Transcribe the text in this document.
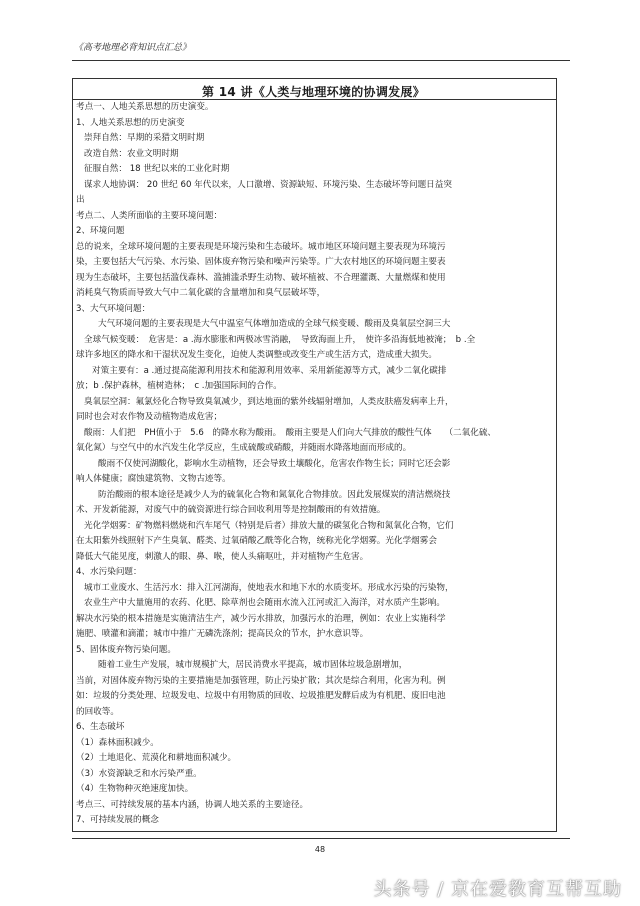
《高考地理必背知识点汇总》
第 14 讲《人类与地理环境的协调发展》

考点一、人地关系思想的历史演变。

1、人地关系思想的历史演变

崇拜自然：早期的采猎文明时期

改造自然：农业文明时期

征服自然： 18 世纪以来的工业化时期

谋求人地协调： 20 世纪 60 年代以来，人口激增、资源缺短、环境污染、生态破坏等问题日益突

出

考点二、人类所面临的主要环境问题：

2、环境问题

总的说来，全球环境问题的主要表现是环境污染和生态破坏。城市地区环境问题主要表现为环境污

染，主要包括大气污染、水污染、固体废弃物污染和噪声污染等。广大农村地区的环境问题主要表

现为生态破坏，主要包括滥伐森林、滥捕滥杀野生动物、破坏植被、不合理灌溉、大量燃煤和使用

消耗臭气物质而导致大气中二氧化碳的含量增加和臭气层破坏等，

3、大气环境问题：

大气环境问题的主要表现是大气中温室气体增加造成的全球气候变暖、酸雨及臭氧层空洞三大

全球气候变暖：　危害是：a .海水膨胀和两极冰雪消融，　导致海面上升，　使许多沿海低地被淹；　b .全

球许多地区的降水和干湿状况发生变化，迫使人类调整或改变生产或生活方式，造成重大损失。

对策主要有：a .通过提高能源利用技术和能源利用效率、采用新能源等方式，减少二氧化碳排

放；b .保护森林，植树造林；　c .加强国际间的合作。

臭氧层空洞：氟氯烃化合物导致臭氧减少，到达地面的紫外线辐射增加，人类皮肤癌发病率上升，

同时也会对农作物及动植物造成危害；

酸雨：人们把　PH值小于　5.6　的降水称为酸雨。　酸雨主要是人们向大气排放的酸性气体　　（二氧化硫、

氧化氮）与空气中的水汽发生化学反应，生成硫酸或硝酸，并随雨水降落地面而形成的。

酸雨不仅使河湖酸化，影响水生动植物，还会导致土壤酸化，危害农作物生长；同时它还会影

响人体健康；腐蚀建筑物、文物古迹等。

防治酸雨的根本途径是减少人为的硫氧化合物和氮氧化合物排放。因此发展煤炭的清洁燃烧技

术、开发新能源，对废气中的硫资源进行综合回收利用等是控制酸雨的有效措施。

光化学烟雾：矿物燃料燃烧和汽车尾气（特别是后者）排放大量的碳氢化合物和氮氧化合物，它们

在太阳紫外线照射下产生臭氧、醛类、过氧硝酸乙酰等化合物，统称光化学烟雾。光化学烟雾会

降低大气能见度，刺激人的眼、鼻、喉，使人头痛呕吐，并对植物产生危害。

4、水污染问题：

城市工业废水、生活污水：排入江河湖海，使地表水和地下水的水质变坏。形成水污染的污染物，

农业生产中大量施用的农药、化肥、除草剂也会随雨水流入江河或汇入海洋，对水质产生影响。

解决水污染的根本措施是实施清洁生产，减少污水排放，加强污水的治理，例如：农业上实施科学

施肥、喷灌和滴灌；城市中推广无磷洗涤剂；提高民众的节水，护水意识等。

5、固体废弃物污染问题。

随着工业生产发展，城市规模扩大，居民消费水平提高，城市固体垃圾急剧增加，

当前，对固体废弃物污染的主要措施是加强管理，防止污染扩散；其次是综合利用，化害为利。例

如：垃圾的分类处理、垃圾发电、垃圾中有用物质的回收、垃圾推肥发酵后成为有机肥、废旧电池

的回收等。

6、生态破坏

（1）森林面积减少。

（2）土地退化、荒漠化和耕地面积减少。

（3）水资源缺乏和水污染严重。

（4）生物物种灭绝速度加快。

考点三、可持续发展的基本内涵，协调人地关系的主要途径。

7、可持续发展的概念

48
头条号 / 京在爱教育互帮互助
